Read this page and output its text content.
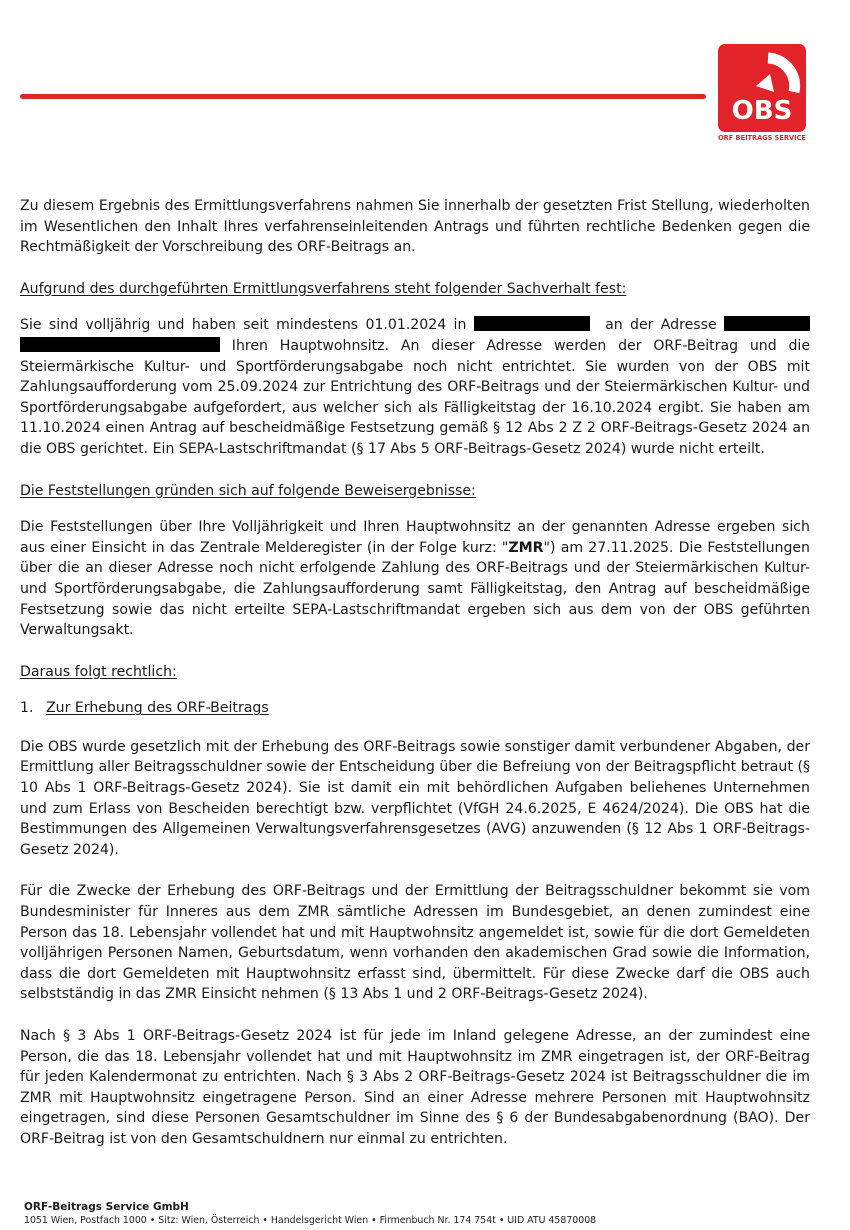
OBS
ORF BEITRAGS SERVICE

Zu diesem Ergebnis des Ermittlungsverfahrens nahmen Sie innerhalb der gesetzten Frist Stellung, wiederholten im Wesentlichen den Inhalt Ihres verfahrenseinleitenden Antrags und führten rechtliche Bedenken gegen die Rechtmäßigkeit der Vorschreibung des ORF-Beitrags an.

Aufgrund des durchgeführten Ermittlungsverfahrens steht folgender Sachverhalt fest:

Sie sind volljährig und haben seit mindestens 01.01.2024 in	an der Adresse   Ihren Hauptwohnsitz. An dieser Adresse werden der ORF-Beitrag und die Steiermärkische Kultur- und Sportförderungsabgabe noch nicht entrichtet. Sie wurden von der OBS mit Zahlungsaufforderung vom 25.09.2024 zur Entrichtung des ORF-Beitrags und der Steiermärkischen Kultur- und Sportförderungsabgabe aufgefordert, aus welcher sich als Fälligkeitstag der 16.10.2024 ergibt. Sie haben am 11.10.2024 einen Antrag auf bescheidmäßige Festsetzung gemäß § 12 Abs 2 Z 2 ORF-Beitrags-Gesetz 2024 an die OBS gerichtet. Ein SEPA-Lastschriftmandat (§ 17 Abs 5 ORF-Beitrags-Gesetz 2024) wurde nicht erteilt.

Die Feststellungen gründen sich auf folgende Beweisergebnisse:

Die Feststellungen über Ihre Volljährigkeit und Ihren Hauptwohnsitz an der genannten Adresse ergeben sich aus einer Einsicht in das Zentrale Melderegister (in der Folge kurz: "ZMR") am 27.11.2025. Die Feststellungen über die an dieser Adresse noch nicht erfolgende Zahlung des ORF-Beitrags und der Steiermärkischen Kultur- und Sportförderungsabgabe, die Zahlungsaufforderung samt Fälligkeitstag, den Antrag auf bescheidmäßige Festsetzung sowie das nicht erteilte SEPA-Lastschriftmandat ergeben sich aus dem von der OBS geführten Verwaltungsakt.

Daraus folgt rechtlich:

1. Zur Erhebung des ORF-Beitrags

Die OBS wurde gesetzlich mit der Erhebung des ORF-Beitrags sowie sonstiger damit verbundener Abgaben, der Ermittlung aller Beitragsschuldner sowie der Entscheidung über die Befreiung von der Beitragspflicht betraut (§ 10 Abs 1 ORF-Beitrags-Gesetz 2024). Sie ist damit ein mit behördlichen Aufgaben beliehenes Unternehmen und zum Erlass von Bescheiden berechtigt bzw. verpflichtet (VfGH 24.6.2025, E 4624/2024). Die OBS hat die Bestimmungen des Allgemeinen Verwaltungsverfahrensgesetzes (AVG) anzuwenden (§ 12 Abs 1 ORF-Beitrags-Gesetz 2024).

Für die Zwecke der Erhebung des ORF-Beitrags und der Ermittlung der Beitragsschuldner bekommt sie vom Bundesminister für Inneres aus dem ZMR sämtliche Adressen im Bundesgebiet, an denen zumindest eine Person das 18. Lebensjahr vollendet hat und mit Hauptwohnsitz angemeldet ist, sowie für die dort Gemeldeten volljährigen Personen Namen, Geburtsdatum, wenn vorhanden den akademischen Grad sowie die Information, dass die dort Gemeldeten mit Hauptwohnsitz erfasst sind, übermittelt. Für diese Zwecke darf die OBS auch selbstständig in das ZMR Einsicht nehmen (§ 13 Abs 1 und 2 ORF-Beitrags-Gesetz 2024).

Nach § 3 Abs 1 ORF-Beitrags-Gesetz 2024 ist für jede im Inland gelegene Adresse, an der zumindest eine Person, die das 18. Lebensjahr vollendet hat und mit Hauptwohnsitz im ZMR eingetragen ist, der ORF-Beitrag für jeden Kalendermonat zu entrichten. Nach § 3 Abs 2 ORF-Beitrags-Gesetz 2024 ist Beitragsschuldner die im ZMR mit Hauptwohnsitz eingetragene Person. Sind an einer Adresse mehrere Personen mit Hauptwohnsitz eingetragen, sind diese Personen Gesamtschuldner im Sinne des § 6 der Bundesabgabenordnung (BAO). Der ORF-Beitrag ist von den Gesamtschuldnern nur einmal zu entrichten.

ORF-Beitrags Service GmbH
1051 Wien, Postfach 1000 • Sitz: Wien, Österreich • Handelsgericht Wien • Firmenbuch Nr. 174 754t • UID ATU 45870008
